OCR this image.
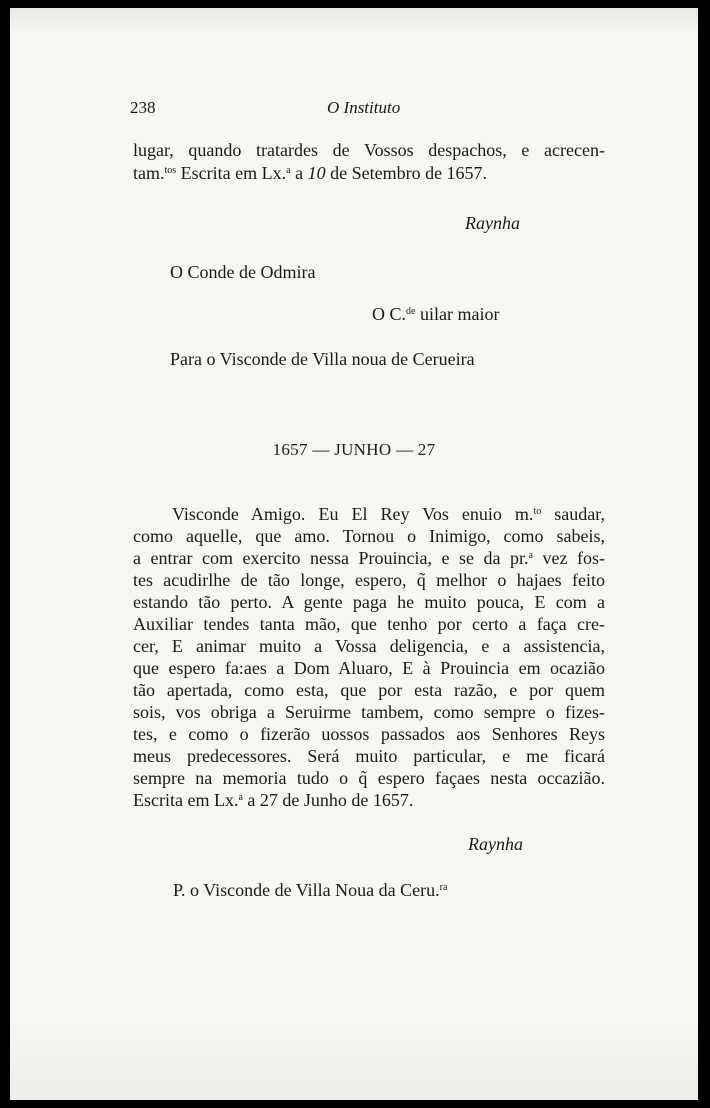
238	O Instituto
lugar, quando tratardes de Vossos despachos, e acrecen-
tam.$^{tos}$ Escrita em Lx.$^a$ a 10 de Setembro de 1657.
Raynha
O Conde de Odmira
O C.$^{de}$ uilar maior
Para o Visconde de Villa noua de Cerueira
1657 — JUNHO — 27
Visconde Amigo. Eu El Rey Vos enuio m.$^{to}$ saudar,
como aquelle, que amo. Tornou o Inimigo, como sabeis,
a entrar com exercito nessa Prouincia, e se da pr.$^a$ vez fos-
tes acudirlhe de tão longe, espero, q̃ melhor o hajaes feito
estando tão perto. A gente paga he muito pouca, E com a
Auxiliar tendes tanta mão, que tenho por certo a faça cre-
cer, E animar muito a Vossa deligencia, e a assistencia,
que espero fa:aes a Dom Aluaro, E à Prouincia em ocazião
tão apertada, como esta, que por esta razão, e por quem
sois, vos obriga a Seruirme tambem, como sempre o fizes-
tes, e como o fizerão uossos passados aos Senhores Reys
meus predecessores. Será muito particular, e me ficará
sempre na memoria tudo o q̃ espero façaes nesta occazião.
Escrita em Lx.$^a$ a 27 de Junho de 1657.
Raynha
P. o Visconde de Villa Noua da Ceru.$^{ra}$
